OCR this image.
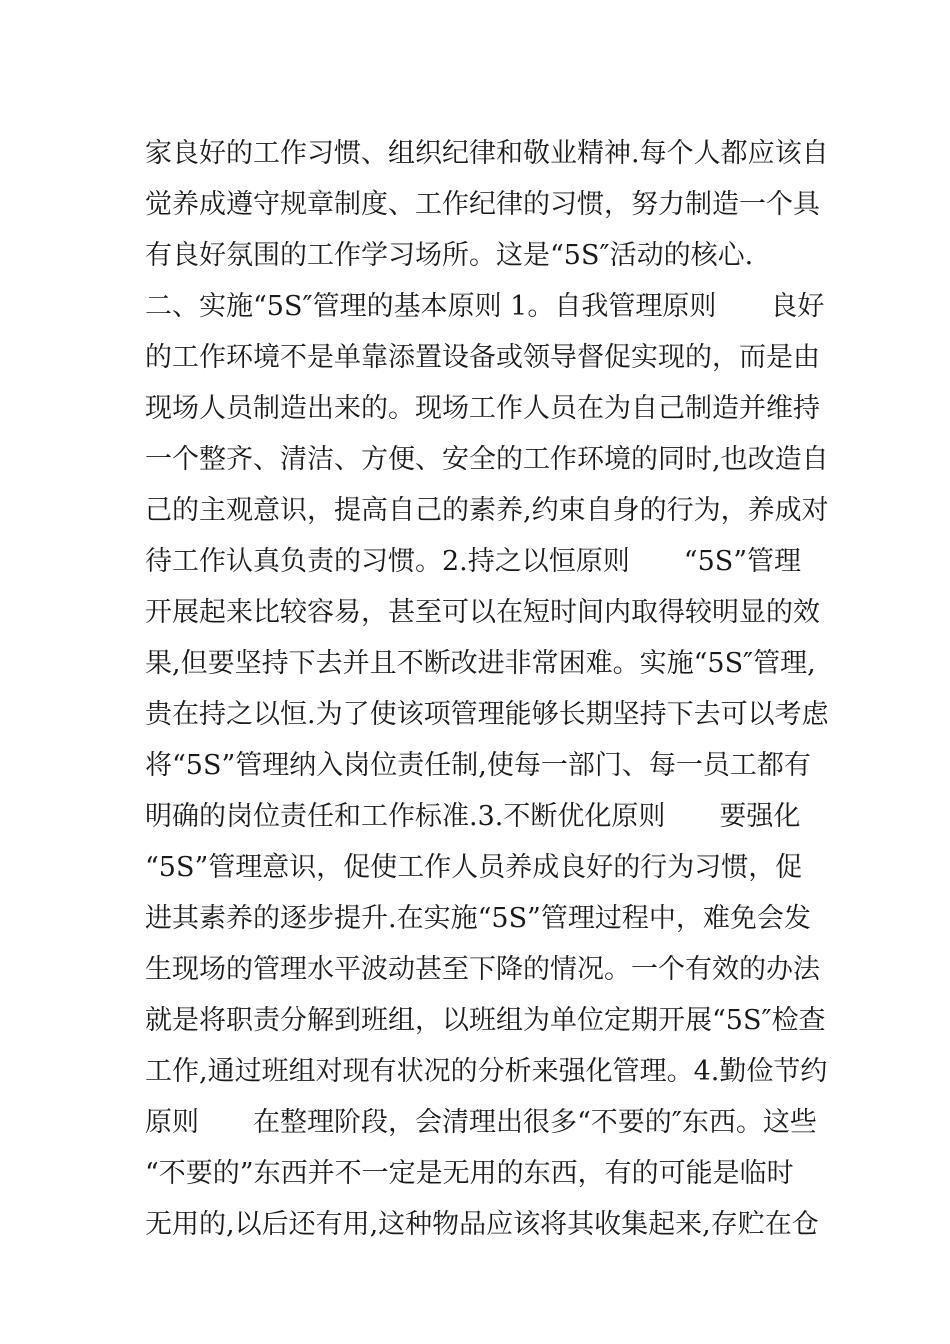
家良好的工作习惯、组织纪律和敬业精神.每个人都应该自
觉养成遵守规章制度、工作纪律的习惯，努力制造一个具
有良好氛围的工作学习场所。这是“5S″活动的核心.
二、实施“5S″管理的基本原则 1。自我管理原则　　良好
的工作环境不是单靠添置设备或领导督促实现的，而是由
现场人员制造出来的。现场工作人员在为自己制造并维持
一个整齐、清洁、方便、安全的工作环境的同时,也改造自
己的主观意识，提高自己的素养,约束自身的行为，养成对
待工作认真负责的习惯。2.持之以恒原则　　“5S”管理
开展起来比较容易，甚至可以在短时间内取得较明显的效
果,但要坚持下去并且不断改进非常困难。实施“5S″管理,
贵在持之以恒.为了使该项管理能够长期坚持下去可以考虑
将“5S”管理纳入岗位责任制,使每一部门、每一员工都有
明确的岗位责任和工作标准.3.不断优化原则　　要强化
“5S”管理意识，促使工作人员养成良好的行为习惯，促
进其素养的逐步提升.在实施“5S”管理过程中，难免会发
生现场的管理水平波动甚至下降的情况。一个有效的办法
就是将职责分解到班组，以班组为单位定期开展“5S″检查
工作,通过班组对现有状况的分析来强化管理。4.勤俭节约
原则　　在整理阶段，会清理出很多“不要的″东西。这些
“不要的”东西并不一定是无用的东西，有的可能是临时
无用的,以后还有用,这种物品应该将其收集起来,存贮在仓
